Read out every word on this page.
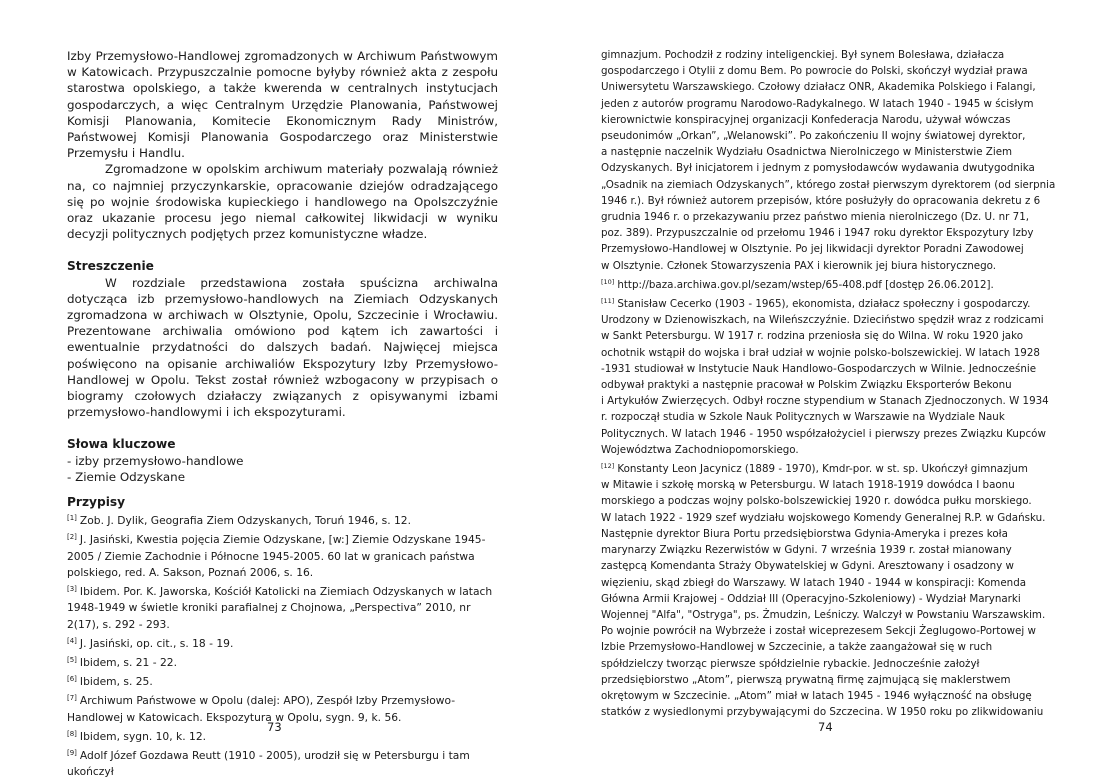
Izby Przemysłowo-Handlowej zgromadzonych w Archiwum Państwowym w Katowicach. Przypuszczalnie pomocne byłyby również akta z zespołu starostwa opolskiego, a także kwerenda w centralnych instytucjach gospodarczych, a więc Centralnym Urzędzie Planowania, Państwowej Komisji Planowania, Komitecie Ekonomicznym Rady Ministrów, Państwowej Komisji Planowania Gospodarczego oraz Ministerstwie Przemysłu i Handlu.

Zgromadzone w opolskim archiwum materiały pozwalają również na, co najmniej przyczynkarskie, opracowanie dziejów odradzającego się po wojnie środowiska kupieckiego i handlowego na Opolszczyźnie oraz ukazanie procesu jego niemal całkowitej likwidacji w wyniku decyzji politycznych podjętych przez komunistyczne władze.

Streszczenie

W rozdziale przedstawiona została spuścizna archiwalna dotycząca izb przemysłowo-handlowych na Ziemiach Odzyskanych zgromadzona w archiwach w Olsztynie, Opolu, Szczecinie i Wrocławiu. Prezentowane archiwalia omówiono pod kątem ich zawartości i ewentualnie przydatności do dalszych badań. Najwięcej miejsca poświęcono na opisanie archiwaliów Ekspozytury Izby Przemysłowo-Handlowej w Opolu. Tekst został również wzbogacony w przypisach o biogramy czołowych działaczy związanych z opisywanymi izbami przemysłowo-handlowymi i ich ekspozyturami.

Słowa kluczowe

- izby przemysłowo-handlowe

- Ziemie Odzyskane

Przypisy

[1] Zob. J. Dylik, Geografia Ziem Odzyskanych, Toruń 1946, s. 12.

[2] J. Jasiński, Kwestia pojęcia Ziemie Odzyskane, [w:] Ziemie Odzyskane 1945-2005 / Ziemie Zachodnie i Północne 1945-2005. 60 lat w granicach państwa polskiego, red. A. Sakson, Poznań 2006, s. 16.

[3] Ibidem. Por. K. Jaworska, Kościół Katolicki na Ziemiach Odzyskanych w latach 1948-1949 w świetle kroniki parafialnej z Chojnowa, „Perspectiva” 2010, nr 2(17), s. 292 - 293.

[4] J. Jasiński, op. cit., s. 18 - 19.

[5] Ibidem, s. 21 - 22.

[6] Ibidem, s. 25.

[7] Archiwum Państwowe w Opolu (dalej: APO), Zespół Izby Przemysłowo-Handlowej w Katowicach. Ekspozytura w Opolu, sygn. 9, k. 56.

[8] Ibidem, sygn. 10, k. 12.

[9] Adolf Józef Gozdawa Reutt (1910 - 2005), urodził się w Petersburgu i tam ukończył

73
gimnazjum. Pochodził z rodziny inteligenckiej. Był synem Bolesława, działacza
gospodarczego i Otylii z domu Bem. Po powrocie do Polski, skończył wydział prawa
Uniwersytetu Warszawskiego. Czołowy działacz ONR, Akademika Polskiego i Falangi,
jeden z autorów programu Narodowo-Radykalnego. W latach 1940 - 1945 w ścisłym
kierownictwie konspiracyjnej organizacji Konfederacja Narodu, używał wówczas
pseudonimów „Orkan”, „Welanowski”. Po zakończeniu II wojny światowej dyrektor,
a następnie naczelnik Wydziału Osadnictwa Nierolniczego w Ministerstwie Ziem
Odzyskanych. Był inicjatorem i jednym z pomysłodawców wydawania dwutygodnika
„Osadnik na ziemiach Odzyskanych”, którego został pierwszym dyrektorem (od sierpnia
1946 r.). Był również autorem przepisów, które posłużyły do opracowania dekretu z 6
grudnia 1946 r. o przekazywaniu przez państwo mienia nierolniczego (Dz. U. nr 71,
poz. 389). Przypuszczalnie od przełomu 1946 i 1947 roku dyrektor Ekspozytury Izby
Przemysłowo-Handlowej w Olsztynie. Po jej likwidacji dyrektor Poradni Zawodowej
w Olsztynie. Członek Stowarzyszenia PAX i kierownik jej biura historycznego.
[10] http://baza.archiwa.gov.pl/sezam/wstep/65-408.pdf [dostęp 26.06.2012].
[11] Stanisław Cecerko (1903 - 1965), ekonomista, działacz społeczny i gospodarczy.
Urodzony w Dzienowiszkach, na Wileńszczyźnie. Dzieciństwo spędził wraz z rodzicami
w Sankt Petersburgu. W 1917 r. rodzina przeniosła się do Wilna. W roku 1920 jako
ochotnik wstąpił do wojska i brał udział w wojnie polsko-bolszewickiej. W latach 1928
-1931 studiował w Instytucie Nauk Handlowo-Gospodarczych w Wilnie. Jednocześnie
odbywał praktyki a następnie pracował w Polskim Związku Eksporterów Bekonu
i Artykułów Zwierzęcych. Odbył roczne stypendium w Stanach Zjednoczonych. W 1934
r. rozpoczął studia w Szkole Nauk Politycznych w Warszawie na Wydziale Nauk
Politycznych. W latach 1946 - 1950 współzałożyciel i pierwszy prezes Związku Kupców
Województwa Zachodniopomorskiego.
[12] Konstanty Leon Jacynicz (1889 - 1970), Kmdr-por. w st. sp. Ukończył gimnazjum
w Mitawie i szkołę morską w Petersburgu. W latach 1918-1919 dowódca I baonu
morskiego a podczas wojny polsko-bolszewickiej 1920 r. dowódca pułku morskiego.
W latach 1922 - 1929 szef wydziału wojskowego Komendy Generalnej R.P. w Gdańsku.
Następnie dyrektor Biura Portu przedsiębiorstwa Gdynia-Ameryka i prezes koła
marynarzy Związku Rezerwistów w Gdyni. 7 września 1939 r. został mianowany
zastępcą Komendanta Straży Obywatelskiej w Gdyni. Aresztowany i osadzony w
więzieniu, skąd zbiegł do Warszawy. W latach 1940 - 1944 w konspiracji: Komenda
Główna Armii Krajowej - Oddział III (Operacyjno-Szkoleniowy) - Wydział Marynarki
Wojennej "Alfa", "Ostryga", ps. Żmudzin, Leśniczy. Walczył w Powstaniu Warszawskim.
Po wojnie powrócił na Wybrzeże i został wiceprezesem Sekcji Żeglugowo-Portowej w
Izbie Przemysłowo-Handlowej w Szczecinie, a także zaangażował się w ruch
spółdzielczy tworząc pierwsze spółdzielnie rybackie. Jednocześnie założył
przedsiębiorstwo „Atom”, pierwszą prywatną firmę zajmującą się maklerstwem
okrętowym w Szczecinie. „Atom” miał w latach 1945 - 1946 wyłączność na obsługę
statków z wysiedlonymi przybywającymi do Szczecina. W 1950 roku po zlikwidowaniu
74
